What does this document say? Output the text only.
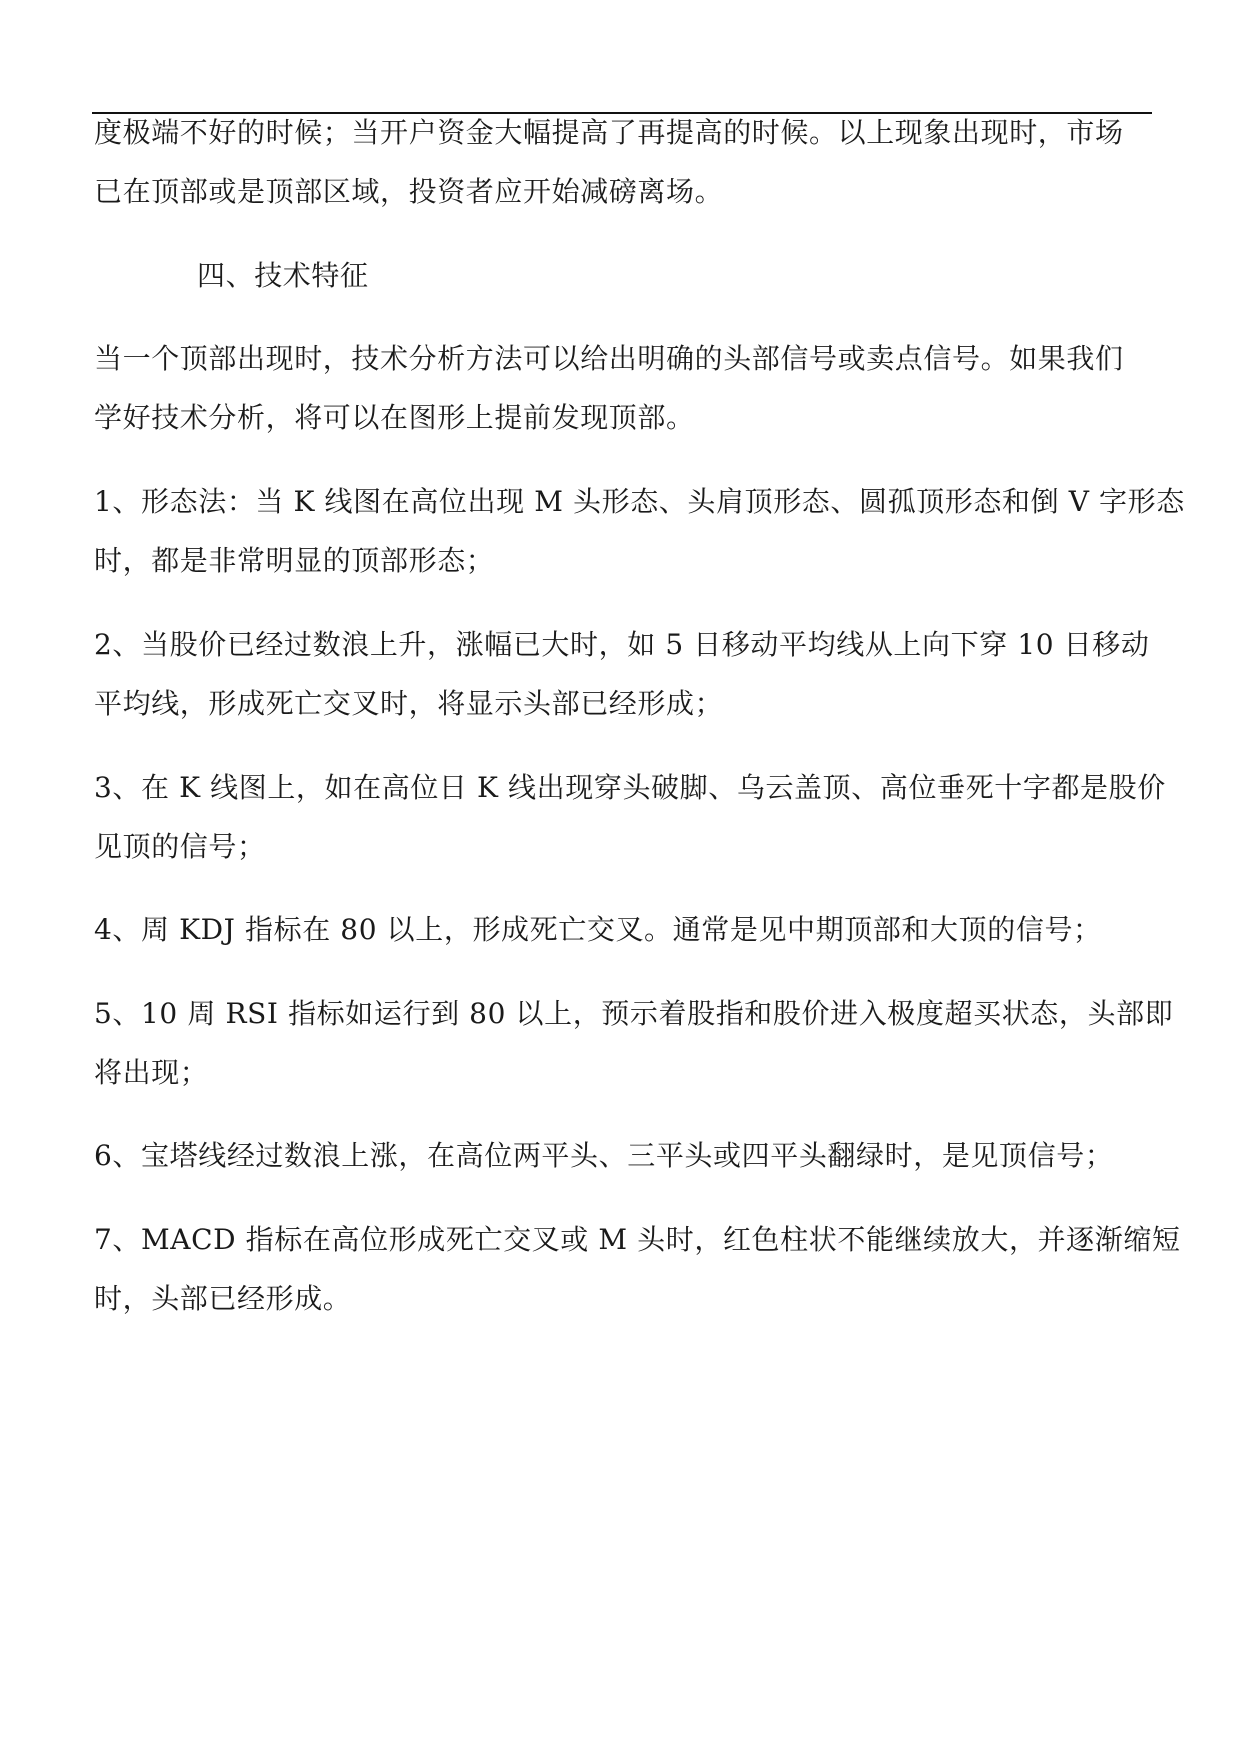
度极端不好的时候；当开户资金大幅提高了再提高的时候。以上现象出现时，市场
已在顶部或是顶部区域，投资者应开始减磅离场。
四、技术特征
当一个顶部出现时，技术分析方法可以给出明确的头部信号或卖点信号。如果我们
学好技术分析，将可以在图形上提前发现顶部。
1、形态法：当 K 线图在高位出现 M 头形态、头肩顶形态、圆孤顶形态和倒 V 字形态
时，都是非常明显的顶部形态；
2、当股价已经过数浪上升，涨幅已大时，如 5 日移动平均线从上向下穿 10 日移动
平均线，形成死亡交叉时，将显示头部已经形成；
3、在 K 线图上，如在高位日 K 线出现穿头破脚、乌云盖顶、高位垂死十字都是股价
见顶的信号；
4、周 KDJ 指标在 80 以上，形成死亡交叉。通常是见中期顶部和大顶的信号；
5、10 周 RSI 指标如运行到 80 以上，预示着股指和股价进入极度超买状态，头部即
将出现；
6、宝塔线经过数浪上涨，在高位两平头、三平头或四平头翻绿时，是见顶信号；
7、MACD 指标在高位形成死亡交叉或 M 头时，红色柱状不能继续放大，并逐渐缩短
时，头部已经形成。
